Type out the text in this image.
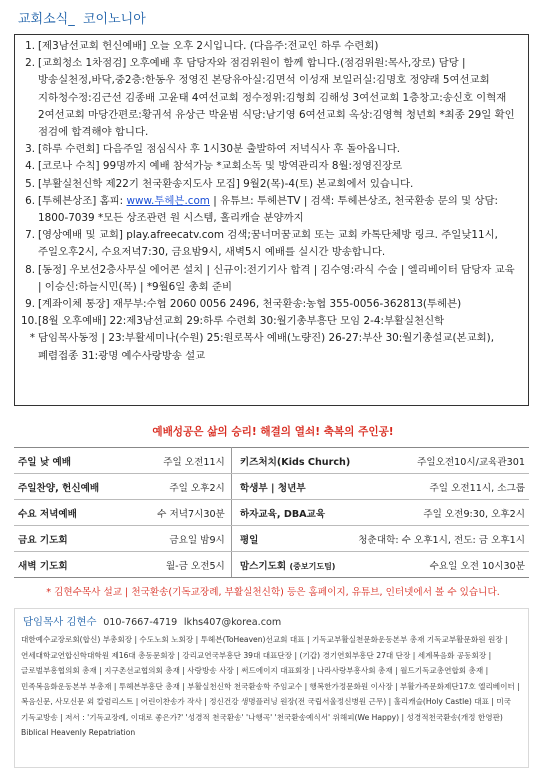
교회소식_ 코이노니아
1. [제3남선교회 헌신예배] 오늘 오후 2시입니다. (다음주:전교인 하루 수련회)
2. [교회청소 1차점검] 오후예배 후 담당자와 점검위원이 함께 합니다.(점검위원:목사,장로) 담당 | 방송실천정,바닥,중2층:한동우 정영진 본당유아실:김면석 이성재 보일러실:김명호 정양래 5여선교회 지하청수정:김근선 김종배 고윤태 4여선교회 정수정위:김형희 김해성 3여선교회 1층창고:송신호 이혁재 2여선교회 마당간편로:황귀석 유상근 박윤범 식당:남기영 6여선교회 옥상:김영혁 청년회 *최종 29일 확인 점검에 합격해야 합니다.
3. [하루 수련회] 다음주일 점심식사 후 1시30분 출발하여 저녁식사 후 돌아옵니다.
4. [코로나 수칙] 99명까지 예배 참석가능 *교회소독 및 방역관리자 8월:정영진장로
5. [부활실천신학 제22기 천국환송지도사 모집] 9월2(목)-4(토) 본교회에서 있습니다.
6. [투헤븐상조] 홈피: www.투헤븐.com | 유튜브: 투헤븐TV | 검색: 투헤븐상조, 천국환송 문의 및 상담: 1800-7039 *모든 상조관련 원 시스템, 홀리캐슬 분양까지
7. [영상예배 및 교회] play.afreecatv.com 검색;꿈너머꿈교회 또는 교회 카톡단체방 링크. 주일낮11시, 주일오후2시, 수요저녁7:30, 금요밤9시, 새벽5시 예배를 실시간 방송합니다.
8. [동정] 우보선2층사무실 에어콘 설치 | 신규이:전기기사 합격 | 김수영:라식 수술 | 엘리베이터 담당자 교육 | 이승신:하늘시민(목) | *9월6일 총회 준비
9. [계좌이체 통장] 재무부:수협 2060 0056 2496, 천국환송:농협 355-0056-362813(투헤븐)
10. [8월 오후예배] 22:제3남선교회 29:하루 수련회 30:월기총부흥단 모임 2-4:부활실천신학
* 담임목사동정 | 23:부활세미나(수원) 25:원로목사 예배(노량진) 26-27:부산 30:월기총설교(본교회), 폐렴접종 31:광명 예수사랑방송 설교
예배성공은 삶의 승리! 해결의 열쇠! 축복의 주인공!
주일 낮 예배	주일 오전11시	키즈처치(Kids Church)	주일오전10시/교육관301
주일찬양, 헌신예배	주일 오후2시	학생부 | 청년부	주일 오전11시, 소그룹
수요 저녁예배	수 저녁7시30분	하자교육, DBA교육	주일 오전9:30, 오후2시
금요 기도회	금요일 밤9시	평일	청춘대학: 수 오후1시, 전도: 금 오후1시
새벽 기도회	월-금 오전5시	맘스기도회 (중보기도팀)	수요일 오전 10시30분
* 김현수목사 설교 | 천국환송(기독교장례, 부활실천신학) 등은 홈페이지, 유튜브, 인터넷에서 볼 수 있습니다.
담임목사 김현수 010-7667-4719 lkhs407@korea.com
대한예수교장로회(합신) 부총회장 | 수도노회 노회장 | 투헤븐(ToHeaven)선교회 대표 | 기독교부활실천문화운동본부 총재 기독교부활문화원 원장 | 연세대학교연합신학대학원 제16대 총동문회장 | 강리교연국부흥단 39대 대표단장 | (기갑) 경기연회부흥단 27대 단장 | 세계복음화 공동회장 | 글로벌부흥협의회 총재 | 지구촌선교협의회 총재 | 사랑방송 사장 | 써드에이지 대표회장 | 나라사랑부흥사회 총재 | 월드기독교총연합회 총재 | 민족복음화운동본부 부총재 | 투헤븐부흥단 총재 | 부활실천신학 천국환송학 주임교수 | 행복한가정문화원 이사장 | 부활가족문화제단17호 엘리베이터 | 복음신문, 사모신문 외 칼럼리스트 | 어린이찬송가 작사 | 정신건강 생명플러닝 원장(전 국립서울정신병원 근무) | 홀리캐슬(Holy Castle) 대표 | 미국 기독교방송 | 저서 : '기독교장례, 이대로 좋은가?' '성경적 천국환송' '나행곡' '천국환송예식서' 위해피(We Happy) | 성경적천국환송(개정 한영판) Biblical Heavenly Repatriation
